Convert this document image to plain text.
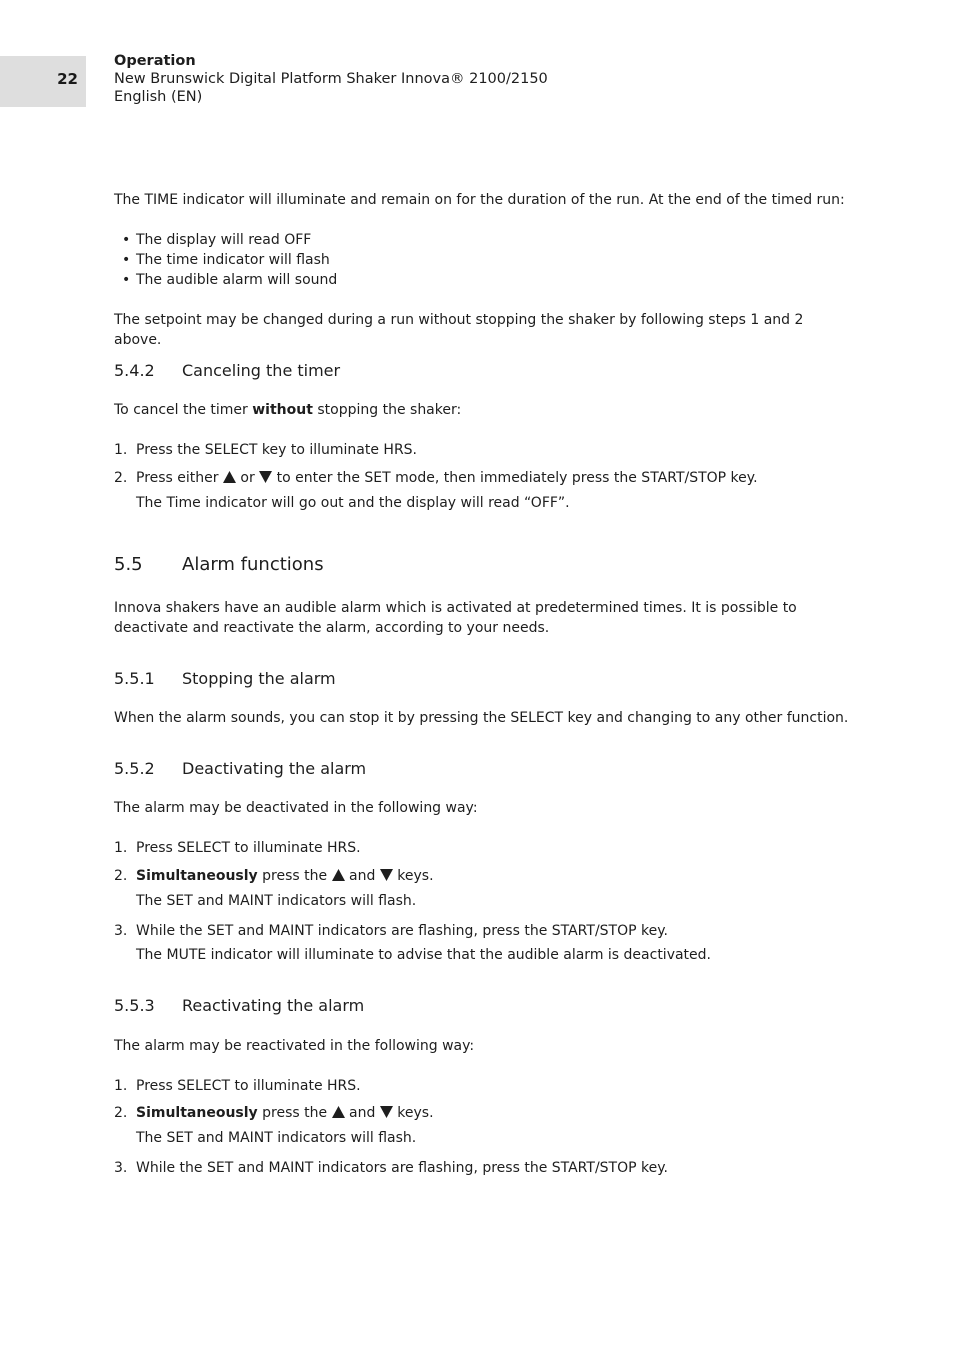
22
Operation
New Brunswick Digital Platform Shaker Innova® 2100/2150
English (EN)
The TIME indicator will illuminate and remain on for the duration of the run. At the end of the timed run:
• The display will read OFF
• The time indicator will flash
• The audible alarm will sound
The setpoint may be changed during a run without stopping the shaker by following steps 1 and 2 above.
5.4.2 Canceling the timer
To cancel the timer without stopping the shaker:
1. Press the SELECT key to illuminate HRS.
2. Press either  or  to enter the SET mode, then immediately press the START/STOP key.
The Time indicator will go out and the display will read “OFF”.
5.5 Alarm functions
Innova shakers have an audible alarm which is activated at predetermined times. It is possible to deactivate and reactivate the alarm, according to your needs.
5.5.1 Stopping the alarm
When the alarm sounds, you can stop it by pressing the SELECT key and changing to any other function.
5.5.2 Deactivating the alarm
The alarm may be deactivated in the following way:
1. Press SELECT to illuminate HRS.
2. Simultaneously press the  and  keys.
The SET and MAINT indicators will flash.
3. While the SET and MAINT indicators are flashing, press the START/STOP key.
The MUTE indicator will illuminate to advise that the audible alarm is deactivated.
5.5.3 Reactivating the alarm
The alarm may be reactivated in the following way:
1. Press SELECT to illuminate HRS.
2. Simultaneously press the  and  keys.
The SET and MAINT indicators will flash.
3. While the SET and MAINT indicators are flashing, press the START/STOP key.
